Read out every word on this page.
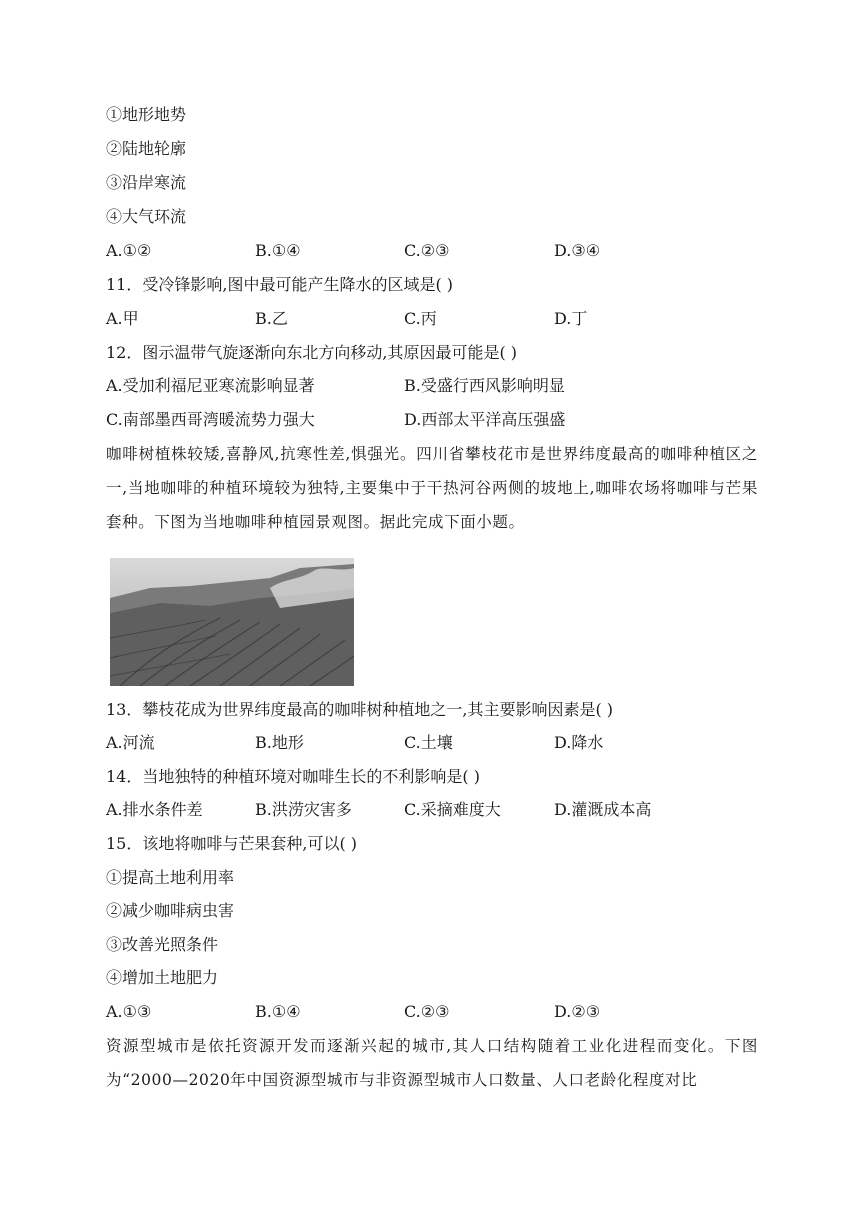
①地形地势
②陆地轮廓
③沿岸寒流
④大气环流
A.①②	B.①④	C.②③	D.③④
11．受冷锋影响,图中最可能产生降水的区域是( )
A.甲	B.乙	C.丙	D.丁
12．图示温带气旋逐渐向东北方向移动,其原因最可能是( )
A.受加利福尼亚寒流影响显著	B.受盛行西风影响明显
C.南部墨西哥湾暖流势力强大	D.西部太平洋高压强盛
咖啡树植株较矮,喜静风,抗寒性差,惧强光。四川省攀枝花市是世界纬度最高的咖啡种植区之一,当地咖啡的种植环境较为独特,主要集中于干热河谷两侧的坡地上,咖啡农场将咖啡与芒果套种。下图为当地咖啡种植园景观图。据此完成下面小题。
13．攀枝花成为世界纬度最高的咖啡树种植地之一,其主要影响因素是( )
A.河流	B.地形	C.土壤	D.降水
14．当地独特的种植环境对咖啡生长的不利影响是( )
A.排水条件差	B.洪涝灾害多	C.采摘难度大	D.灌溉成本高
15．该地将咖啡与芒果套种,可以( )
①提高土地利用率
②减少咖啡病虫害
③改善光照条件
④增加土地肥力
A.①③	B.①④	C.②③	D.②③
资源型城市是依托资源开发而逐渐兴起的城市,其人口结构随着工业化进程而变化。下图为“2000—2020年中国资源型城市与非资源型城市人口数量、人口老龄化程度对比
